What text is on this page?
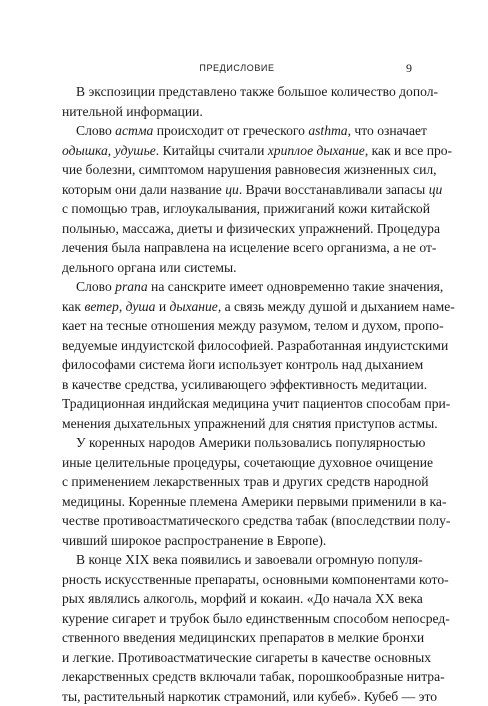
ПРЕДИСЛОВИЕ	9
В экспозиции представлено также большое количество допол-
нительной информации.
Слово астма происходит от греческого asthma, что означает
одышка, удушье. Китайцы считали хриплое дыхание, как и все про-
чие болезни, симптомом нарушения равновесия жизненных сил,
которым они дали название ци. Врачи восстанавливали запасы ци
с помощью трав, иглоукалывания, прижиганий кожи китайской
полынью, массажа, диеты и физических упражнений. Процедура
лечения была направлена на исцеление всего организма, а не от-
дельного органа или системы.
Слово prana на санскрите имеет одновременно такие значения,
как ветер, душа и дыхание, а связь между душой и дыханием наме-
кает на тесные отношения между разумом, телом и духом, пропо-
ведуемые индуистской философией. Разработанная индуистскими
философами система йоги использует контроль над дыханием
в качестве средства, усиливающего эффективность медитации.
Традиционная индийская медицина учит пациентов способам при-
менения дыхательных упражнений для снятия приступов астмы.
У коренных народов Америки пользовались популярностью
иные целительные процедуры, сочетающие духовное очищение
с применением лекарственных трав и других средств народной
медицины. Коренные племена Америки первыми применили в ка-
честве противоастматического средства табак (впоследствии полу-
чивший широкое распространение в Европе).
В конце XIX века появились и завоевали огромную популя-
рность искусственные препараты, основными компонентами кото-
рых являлись алкоголь, морфий и кокаин. «До начала XX века
курение сигарет и трубок было единственным способом непосред-
ственного введения медицинских препаратов в мелкие бронхи
и легкие. Противоастматические сигареты в качестве основных
лекарственных средств включали табак, порошкообразные нитра-
ты, растительный наркотик страмоний, или кубеб». Кубеб — это
